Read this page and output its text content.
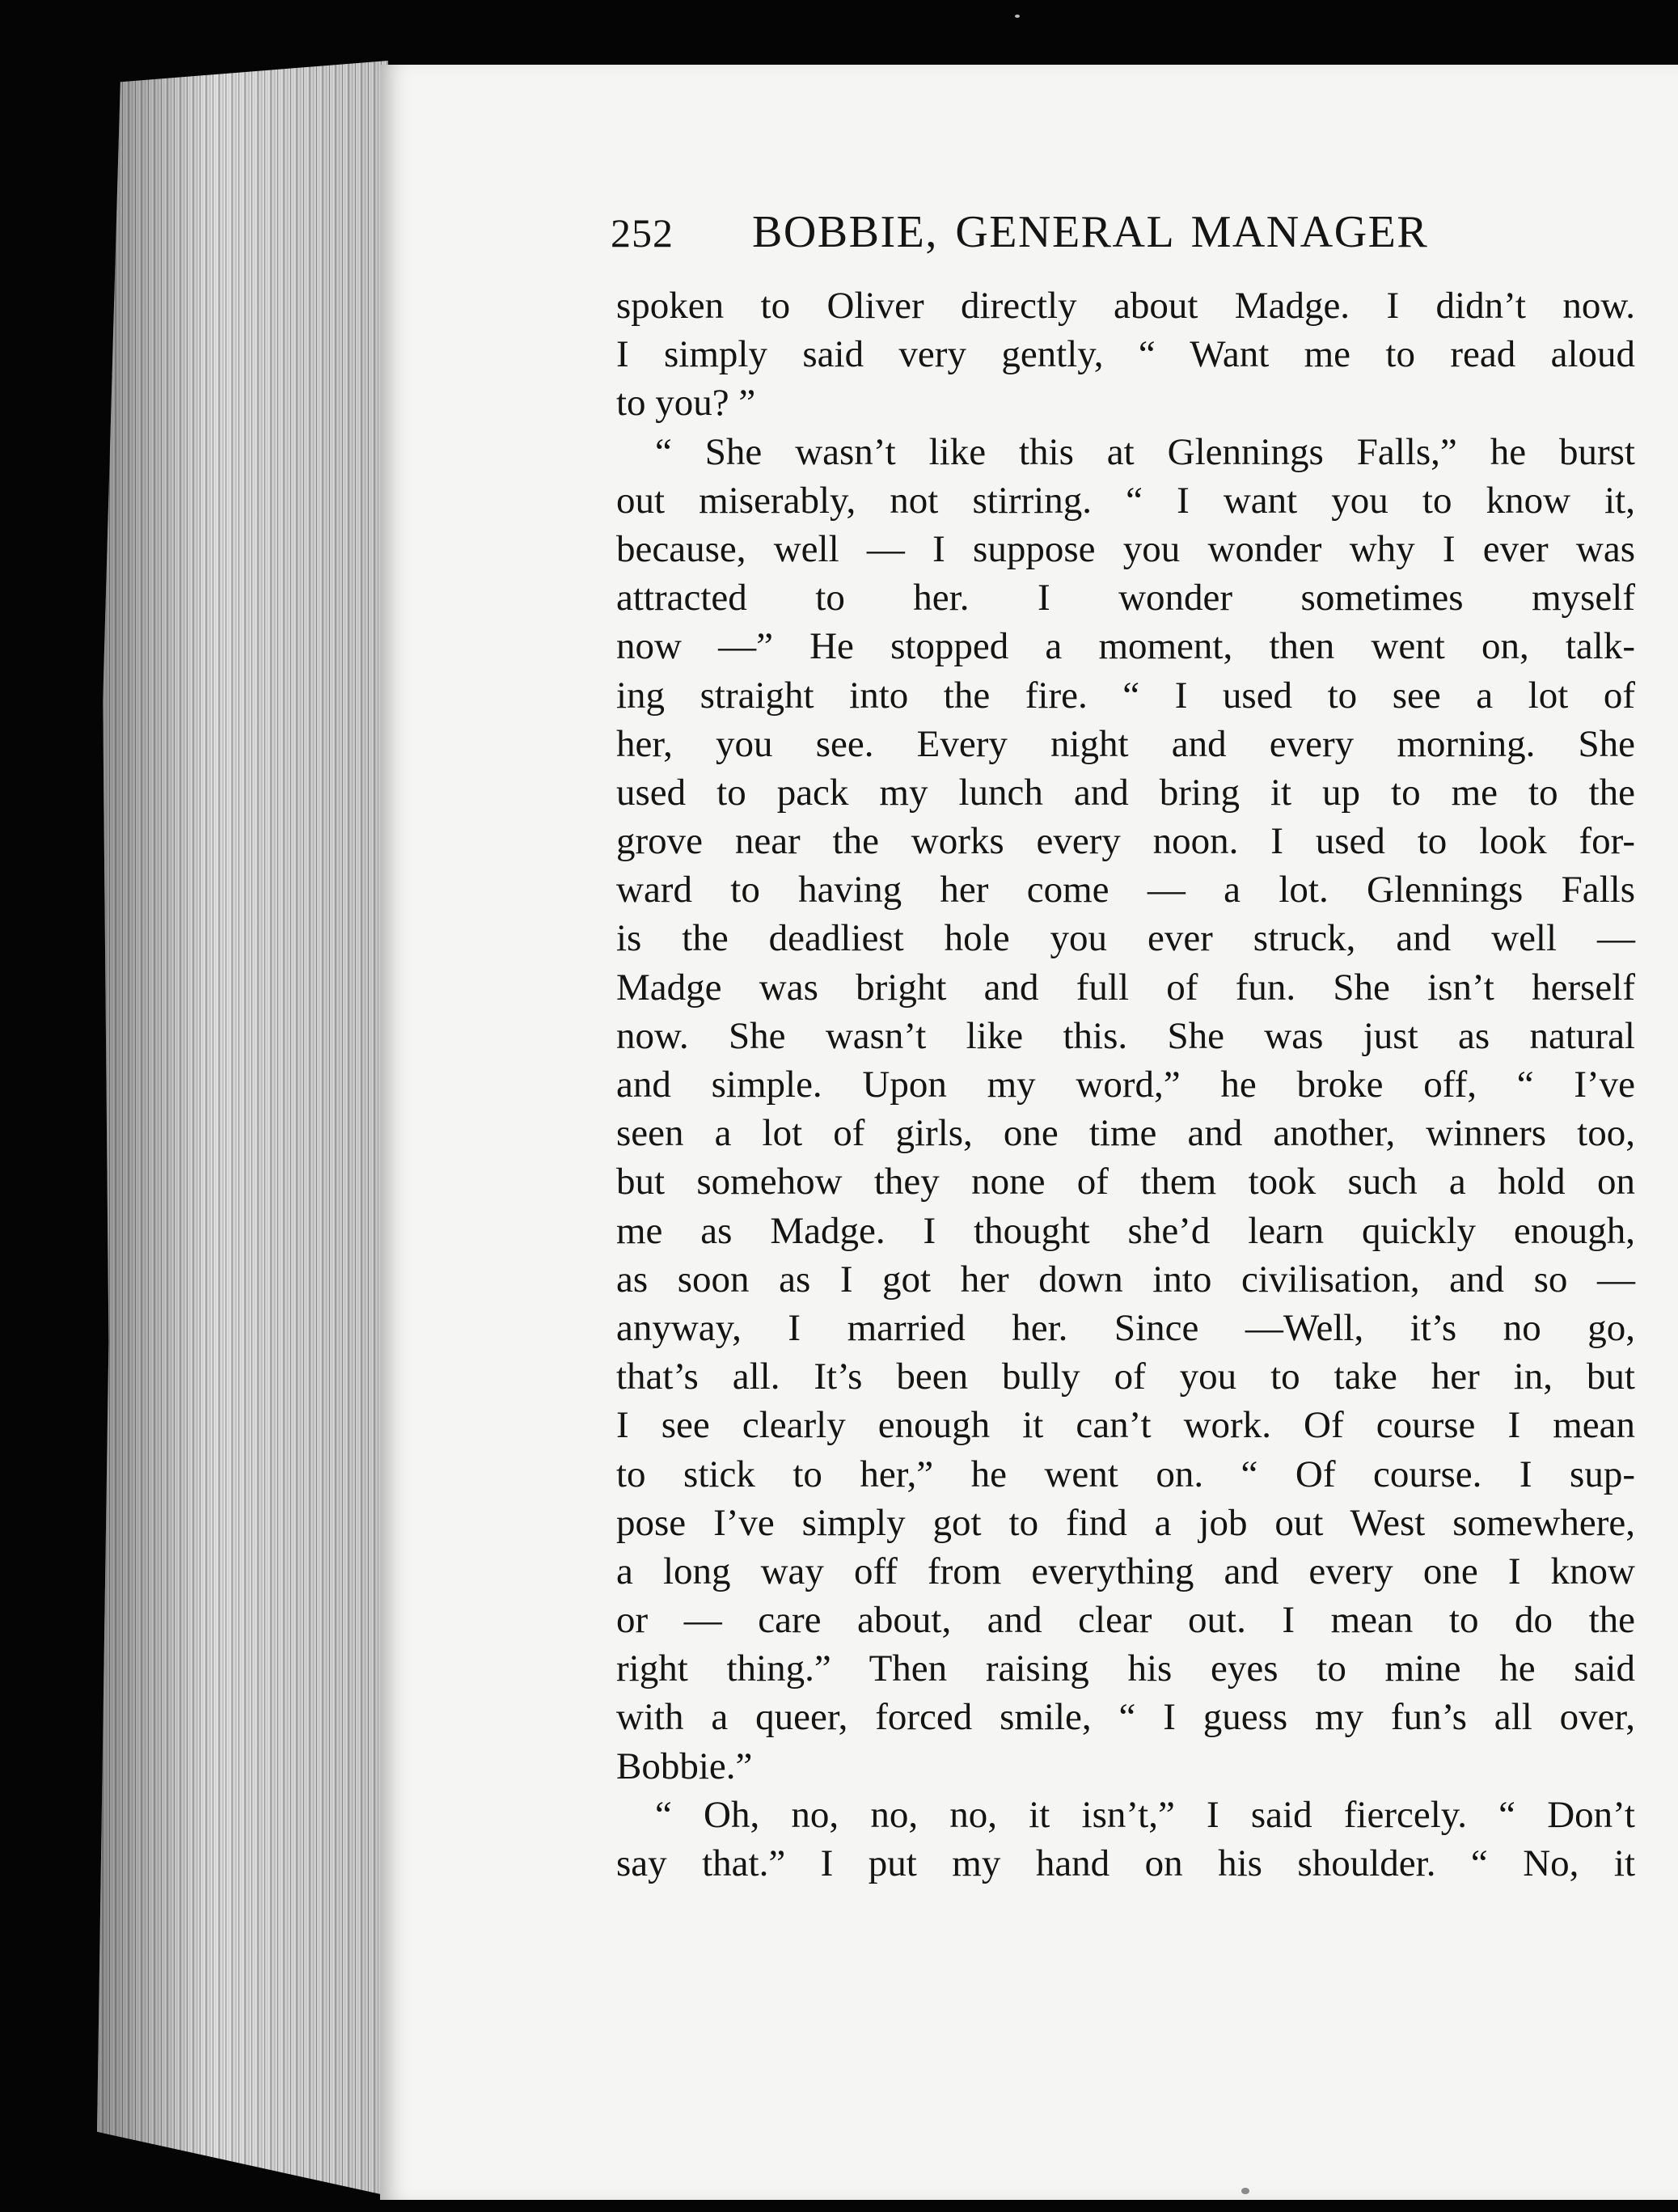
252 BOBBIE, GENERAL MANAGER
spoken to Oliver directly about Madge. I didn’t now.
I simply said very gently, “ Want me to read aloud
to you? ”
“ She wasn’t like this at Glennings Falls,” he burst
out miserably, not stirring. “ I want you to know it,
because, well — I suppose you wonder why I ever was
attracted to her. I wonder sometimes myself
now —” He stopped a moment, then went on, talk-
ing straight into the fire. “ I used to see a lot of
her, you see. Every night and every morning. She
used to pack my lunch and bring it up to me to the
grove near the works every noon. I used to look for-
ward to having her come — a lot. Glennings Falls
is the deadliest hole you ever struck, and well —
Madge was bright and full of fun. She isn’t herself
now. She wasn’t like this. She was just as natural
and simple. Upon my word,” he broke off, “ I’ve
seen a lot of girls, one time and another, winners too,
but somehow they none of them took such a hold on
me as Madge. I thought she’d learn quickly enough,
as soon as I got her down into civilisation, and so —
anyway, I married her. Since —Well, it’s no go,
that’s all. It’s been bully of you to take her in, but
I see clearly enough it can’t work. Of course I mean
to stick to her,” he went on. “ Of course. I sup-
pose I’ve simply got to find a job out West somewhere,
a long way off from everything and every one I know
or — care about, and clear out. I mean to do the
right thing.” Then raising his eyes to mine he said
with a queer, forced smile, “ I guess my fun’s all over,
Bobbie.”
“ Oh, no, no, no, it isn’t,” I said fiercely. “ Don’t
say that.” I put my hand on his shoulder. “ No, it
